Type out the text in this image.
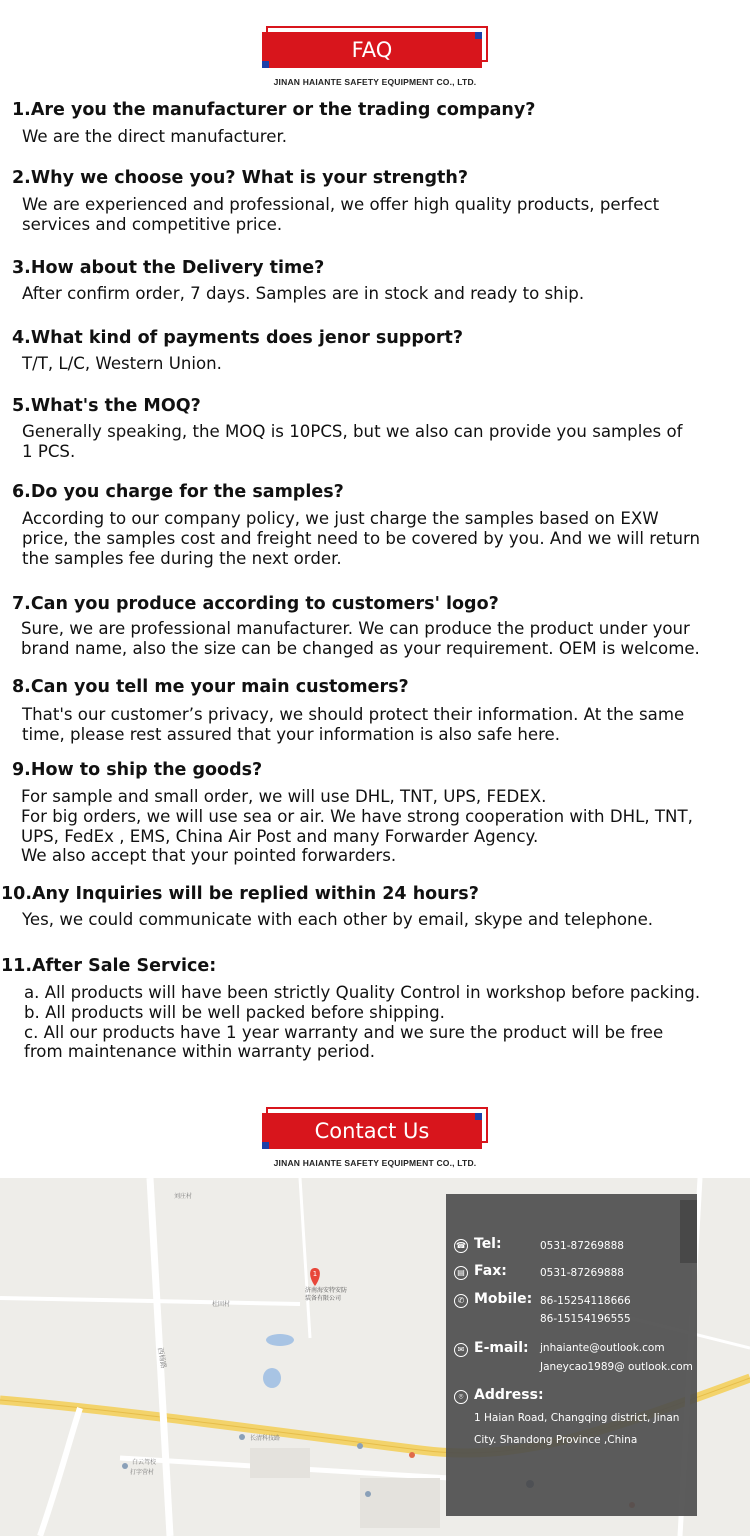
FAQ
JINAN HAIANTE SAFETY EQUIPMENT CO., LTD.
1.Are you the manufacturer or the trading company?
We are the direct manufacturer.
2.Why we choose you? What is your strength?
We are experienced and professional, we offer high quality products, perfect
services and competitive price.
3.How about the Delivery time?
After confirm order, 7 days. Samples are in stock and ready to ship.
4.What kind of payments does jenor support?
T/T, L/C, Western Union.
5.What's the MOQ?
Generally speaking, the MOQ is 10PCS, but we also can provide you samples of
1 PCS.
6.Do you charge for the samples?
According to our company policy, we just charge the samples based on EXW
price, the samples cost and freight need to be covered by you. And we will return
the samples fee during the next order.
7.Can you produce according to customers' logo?
Sure, we are professional manufacturer. We can produce the product under your
brand name, also the size can be changed as your requirement. OEM is welcome.
8.Can you tell me your main customers?
That's our customer’s privacy, we should protect their information. At the same
time, please rest assured that your information is also safe here.
9.How to ship the goods?
For sample and small order, we will use DHL, TNT, UPS, FEDEX.
For big orders, we will use sea or air. We have strong cooperation with DHL, TNT,
UPS, FedEx , EMS, China Air Post and many Forwarder Agency.
We also accept that your pointed forwarders.
10.Any Inquiries will be replied within 24 hours?
Yes, we could communicate with each other by email, skype and telephone.
11.After Sale Service:
a. All products will have been strictly Quality Control in workshop before packing.
b. All products will be well packed before shipping.
c. All our products have 1 year warranty and we sure the product will be free
from maintenance within warranty period.
Contact Us
JINAN HAIANTE SAFETY EQUIPMENT CO., LTD.
1
济南海安特安防
装备有限公司
刘庄村
杜固村
白云驾校
打字营村
长清科技路
西杨路
☎ Tel:	0531-87269888
▤ Fax:	0531-87269888
✆ Mobile: 86-15254118666
86-15154196555
✉ E-mail: jnhaiante@outlook.com
Janeycao1989@ outlook.com
⌾ Address:
1 Haian Road, Changqing district, Jinan
City. Shandong Province ,China
